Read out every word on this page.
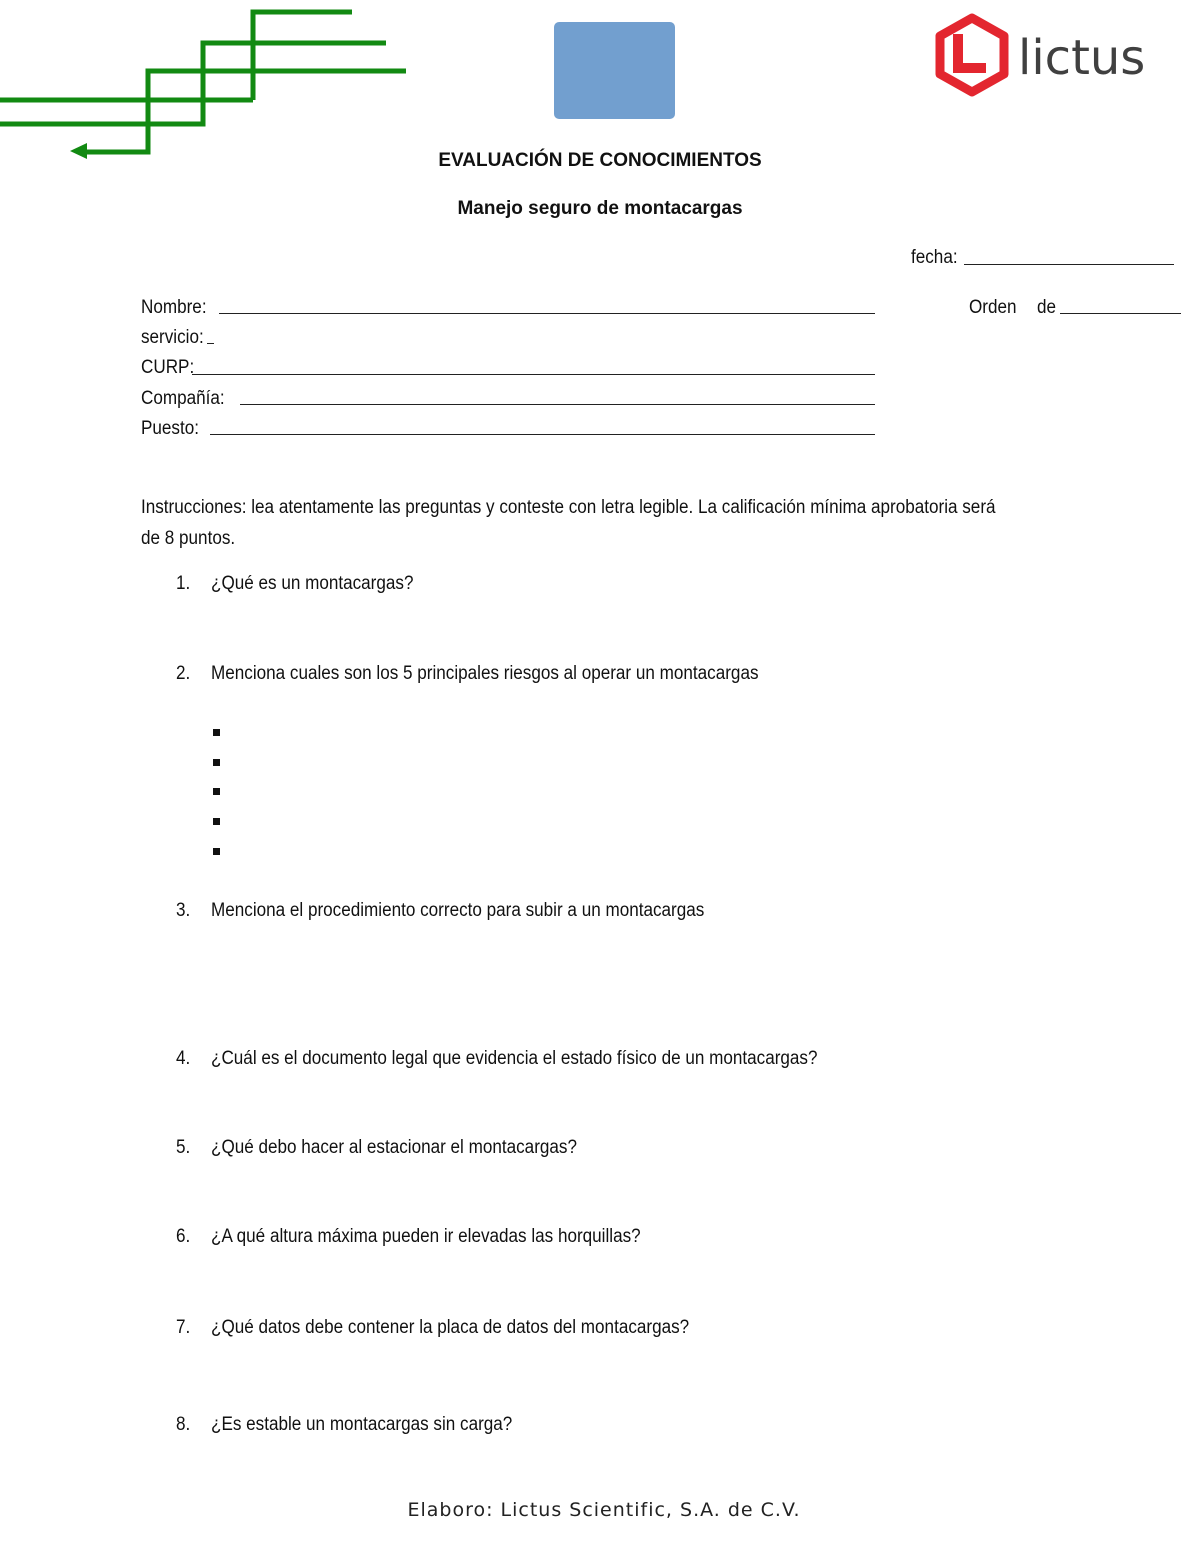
lictus
EVALUACIÓN DE CONOCIMIENTOS
Manejo seguro de montacargas
fecha:
Nombre:	Orden de
servicio:
CURP:
Compañía:
Puesto:
Instrucciones: lea atentamente las preguntas y conteste con letra legible. La calificación mínima aprobatoria será de 8 puntos.
1. ¿Qué es un montacargas?
2. Menciona cuales son los 5 principales riesgos al operar un montacargas
3. Menciona el procedimiento correcto para subir a un montacargas
4. ¿Cuál es el documento legal que evidencia el estado físico de un montacargas?
5. ¿Qué debo hacer al estacionar el montacargas?
6. ¿A qué altura máxima pueden ir elevadas las horquillas?
7. ¿Qué datos debe contener la placa de datos del montacargas?
8. ¿Es estable un montacargas sin carga?
Elaboro: Lictus Scientific, S.A. de C.V.
